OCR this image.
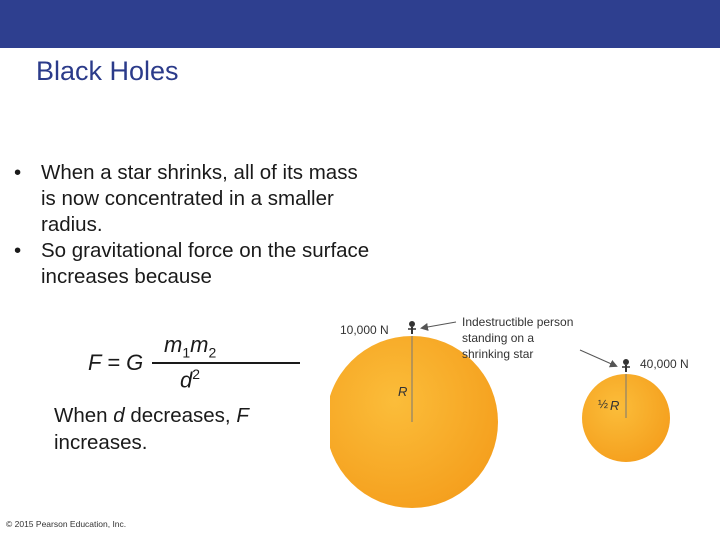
Black Holes
• When a star shrinks, all of its mass is now concentrated in a smaller radius.
• So gravitational force on the surface increases because
F = G
$m_1m_2$
$d^2$
When d decreases, F increases.
R
10,000 N
Indestructible person
standing on a
shrinking star
40,000 N
½ R
© 2015 Pearson Education, Inc.
